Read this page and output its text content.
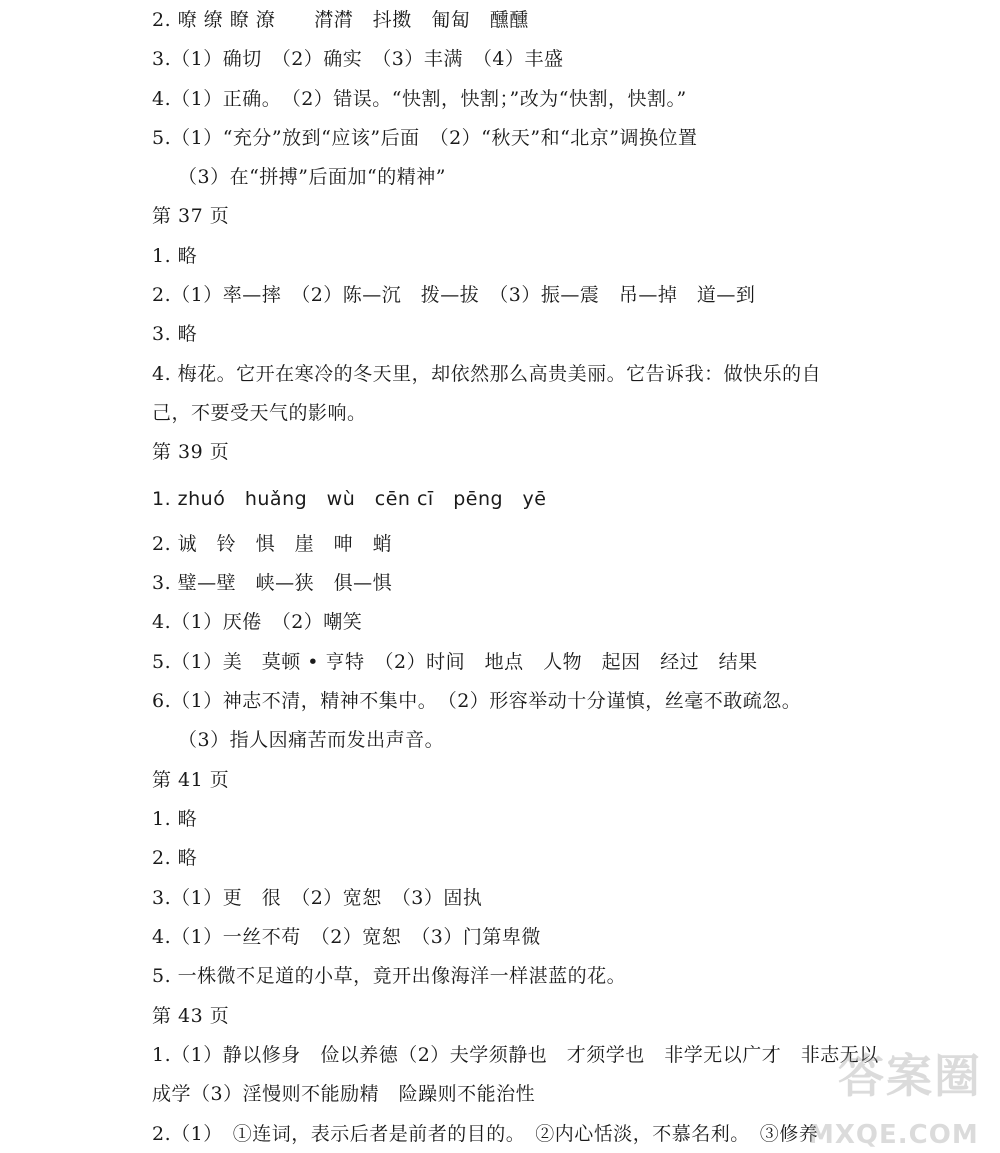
2. 嘹 缭 瞭 潦　　潸潸　抖擞　匍匐　醺醺
3.（1）确切　（2）确实　（3）丰满　（4）丰盛
4.（1）正确。　（2）错误。“快割，快割；”改为“快割，快割。”
5.（1）“充分”放到“应该”后面　（2）“秋天”和“北京”调换位置
（3）在“拼搏”后面加“的精神”
第 37 页
1. 略
2.（1）率—摔　（2）陈—沉　拨—拔　（3）振—震　吊—掉　道—到
3. 略
4. 梅花。它开在寒冷的冬天里，却依然那么高贵美丽。它告诉我：做快乐的自
己，不要受天气的影响。
第 39 页
1. zhuó　huǎng　wù　cēn cī　pēng　yē
2. 诚　铃　惧　崖　呻　蛸
3. 璧—壁　峡—狭　俱—惧
4.（1）厌倦　（2）嘲笑
5.（1）美　莫顿 • 亨特　（2）时间　地点　人物　起因　经过　结果
6.（1）神志不清，精神不集中。　（2）形容举动十分谨慎，丝毫不敢疏忽。
（3）指人因痛苦而发出声音。
第 41 页
1. 略
2. 略
3.（1）更　很　（2）宽恕　（3）固执
4.（1）一丝不苟　（2）宽恕　（3）门第卑微
5. 一株微不足道的小草，竟开出像海洋一样湛蓝的花。
第 43 页
1.（1）静以修身　俭以养德（2）夫学须静也　才须学也　非学无以广才　非志无以
成学（3）淫慢则不能励精　险躁则不能治性
2.（1）　①连词，表示后者是前者的目的。　②内心恬淡，不慕名利。　③修养
答案圈
MXQE.COM
